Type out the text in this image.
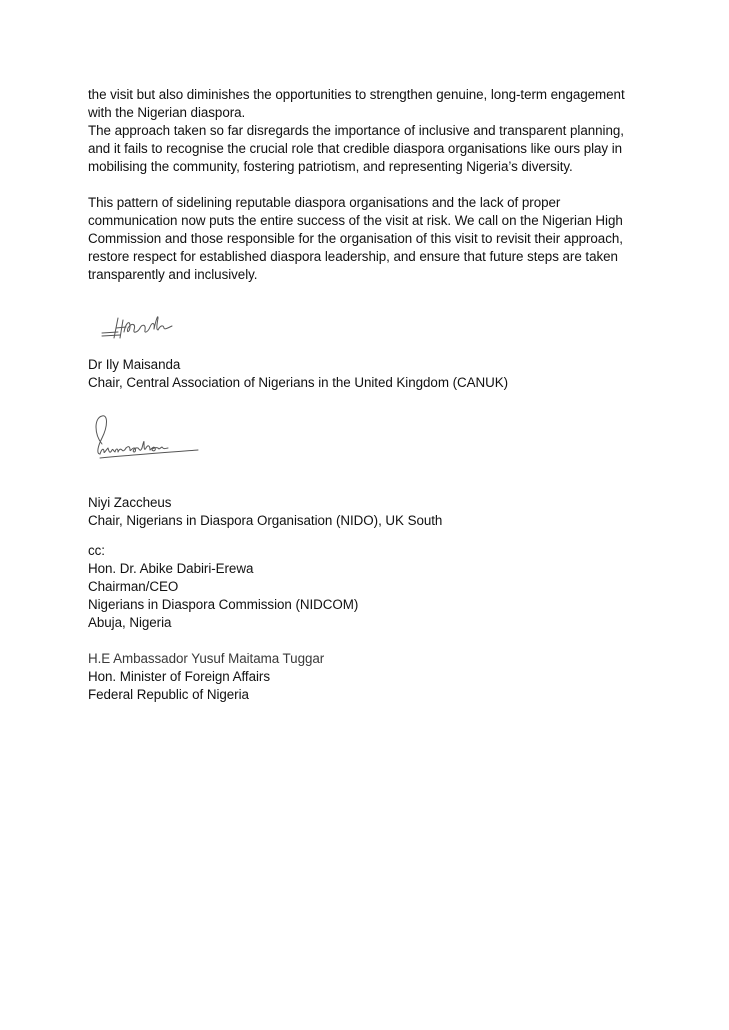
the visit but also diminishes the opportunities to strengthen genuine, long-term engagement
with the Nigerian diaspora.
The approach taken so far disregards the importance of inclusive and transparent planning,
and it fails to recognise the crucial role that credible diaspora organisations like ours play in
mobilising the community, fostering patriotism, and representing Nigeria’s diversity.
This pattern of sidelining reputable diaspora organisations and the lack of proper
communication now puts the entire success of the visit at risk. We call on the Nigerian High
Commission and those responsible for the organisation of this visit to revisit their approach,
restore respect for established diaspora leadership, and ensure that future steps are taken
transparently and inclusively.
Dr Ily Maisanda
Chair, Central Association of Nigerians in the United Kingdom (CANUK)
Niyi Zaccheus
Chair, Nigerians in Diaspora Organisation (NIDO), UK South
cc:
Hon. Dr. Abike Dabiri-Erewa
Chairman/CEO
Nigerians in Diaspora Commission (NIDCOM)
Abuja, Nigeria
H.E Ambassador Yusuf Maitama Tuggar
Hon. Minister of Foreign Affairs
Federal Republic of Nigeria
